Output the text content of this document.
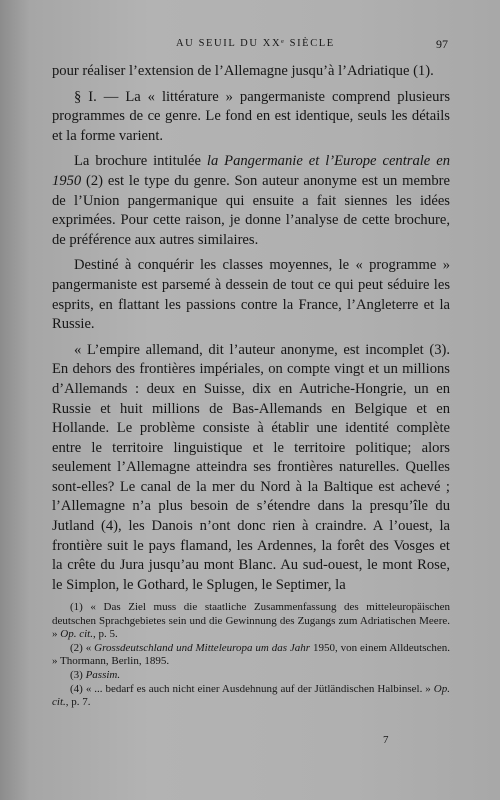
AU SEUIL DU XXᵉ SIÈCLE	97

pour réaliser l’extension de l’Allemagne jusqu’à l’Adriatique (1).

§ I. — La « littérature » pangermaniste comprend plusieurs programmes de ce genre. Le fond en est identique, seuls les détails et la forme varient.

La brochure intitulée la Pangermanie et l’Europe centrale en 1950 (2) est le type du genre. Son auteur anonyme est un membre de l’Union pangermanique qui ensuite a fait siennes les idées exprimées. Pour cette raison, je donne l’analyse de cette brochure, de préférence aux autres similaires.

Destiné à conquérir les classes moyennes, le « programme » pangermaniste est parsemé à dessein de tout ce qui peut séduire les esprits, en flattant les passions contre la France, l’Angleterre et la Russie.

« L’empire allemand, dit l’auteur anonyme, est incomplet (3). En dehors des frontières impériales, on compte vingt et un millions d’Allemands : deux en Suisse, dix en Autriche-Hongrie, un en Russie et huit millions de Bas-Allemands en Belgique et en Hollande. Le problème consiste à établir une identité complète entre le territoire linguistique et le territoire politique; alors seulement l’Allemagne atteindra ses frontières naturelles. Quelles sont-elles? Le canal de la mer du Nord à la Baltique est achevé ; l’Allemagne n’a plus besoin de s’étendre dans la presqu’île du Jutland (4), les Danois n’ont donc rien à craindre. A l’ouest, la frontière suit le pays flamand, les Ardennes, la forêt des Vosges et la crête du Jura jusqu’au mont Blanc. Au sud-ouest, le mont Rose, le Simplon, le Gothard, le Splugen, le Septimer, la

(1) « Das Ziel muss die staatliche Zusammenfassung des mitteleuropäischen deutschen Sprachgebietes sein und die Gewinnung des Zugangs zum Adriatischen Meere. » Op. cit., p. 5.

(2) « Grossdeutschland und Mitteleuropa um das Jahr 1950, von einem Alldeutschen. » Thormann, Berlin, 1895.

(3) Passim.

(4) « ... bedarf es auch nicht einer Ausdehnung auf der Jütländischen Halbinsel. » Op. cit., p. 7.

7
